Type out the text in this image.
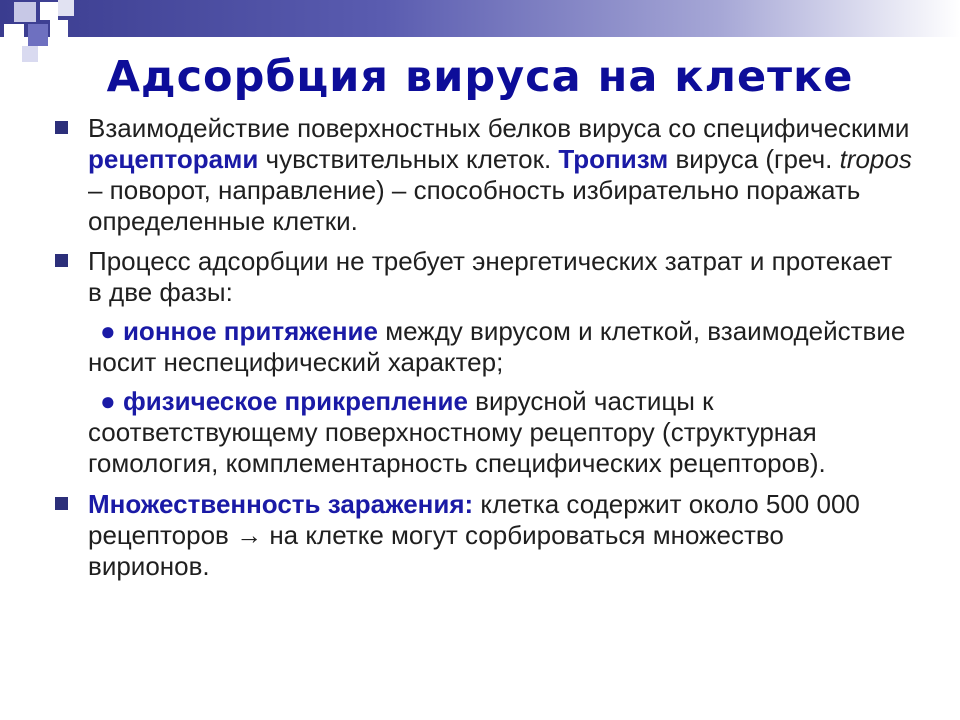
Адсорбция вируса на клетке
Взаимодействие поверхностных белков вируса со специфическими рецепторами чувствительных клеток. Тропизм вируса (греч. tropos – поворот, направление) – способность избирательно поражать определенные клетки.
Процесс адсорбции не требует энергетических затрат и протекает в две фазы:
● ионное притяжение между вирусом и клеткой, взаимодействие носит неспецифический характер;
● физическое прикрепление вирусной частицы к соответствующему поверхностному рецептору (структурная гомология, комплементарность специфических рецепторов).
Множественность заражения: клетка содержит около 500 000 рецепторов → на клетке могут сорбироваться множество вирионов.
